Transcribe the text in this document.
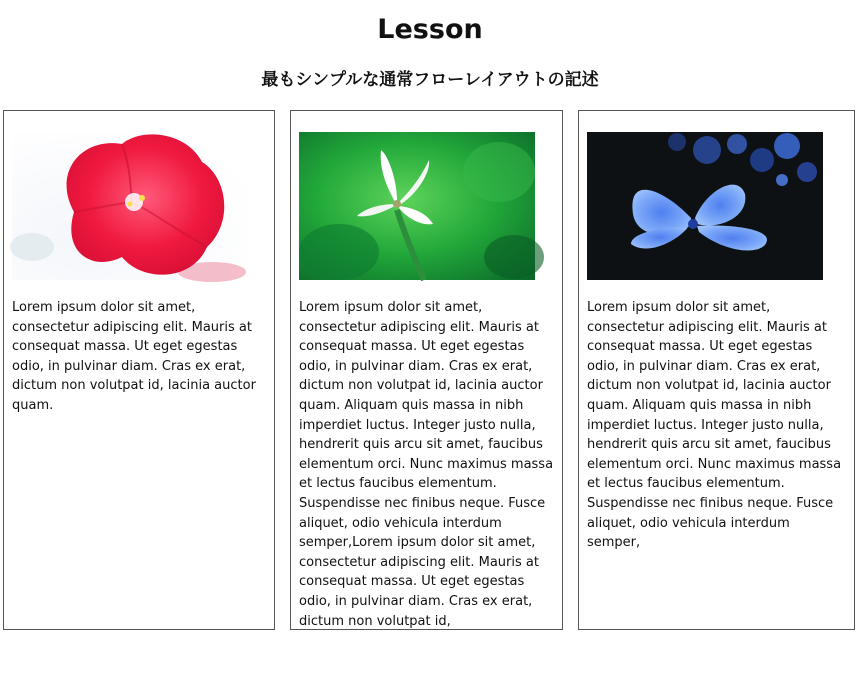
Lesson
最もシンプルな通常フローレイアウトの記述

Lorem ipsum dolor sit amet, consectetur adipiscing elit. Mauris at consequat massa. Ut eget egestas odio, in pulvinar diam. Cras ex erat, dictum non volutpat id, lacinia auctor quam.

Lorem ipsum dolor sit amet, consectetur adipiscing elit. Mauris at consequat massa. Ut eget egestas odio, in pulvinar diam. Cras ex erat, dictum non volutpat id, lacinia auctor quam. Aliquam quis massa in nibh imperdiet luctus. Integer justo nulla, hendrerit quis arcu sit amet, faucibus elementum orci. Nunc maximus massa et lectus faucibus elementum. Suspendisse nec finibus neque. Fusce aliquet, odio vehicula interdum semper,Lorem ipsum dolor sit amet, consectetur adipiscing elit. Mauris at consequat massa. Ut eget egestas odio, in pulvinar diam. Cras ex erat, dictum non volutpat id,

Lorem ipsum dolor sit amet, consectetur adipiscing elit. Mauris at consequat massa. Ut eget egestas odio, in pulvinar diam. Cras ex erat, dictum non volutpat id, lacinia auctor quam. Aliquam quis massa in nibh imperdiet luctus. Integer justo nulla, hendrerit quis arcu sit amet, faucibus elementum orci. Nunc maximus massa et lectus faucibus elementum. Suspendisse nec finibus neque. Fusce aliquet, odio vehicula interdum semper,
